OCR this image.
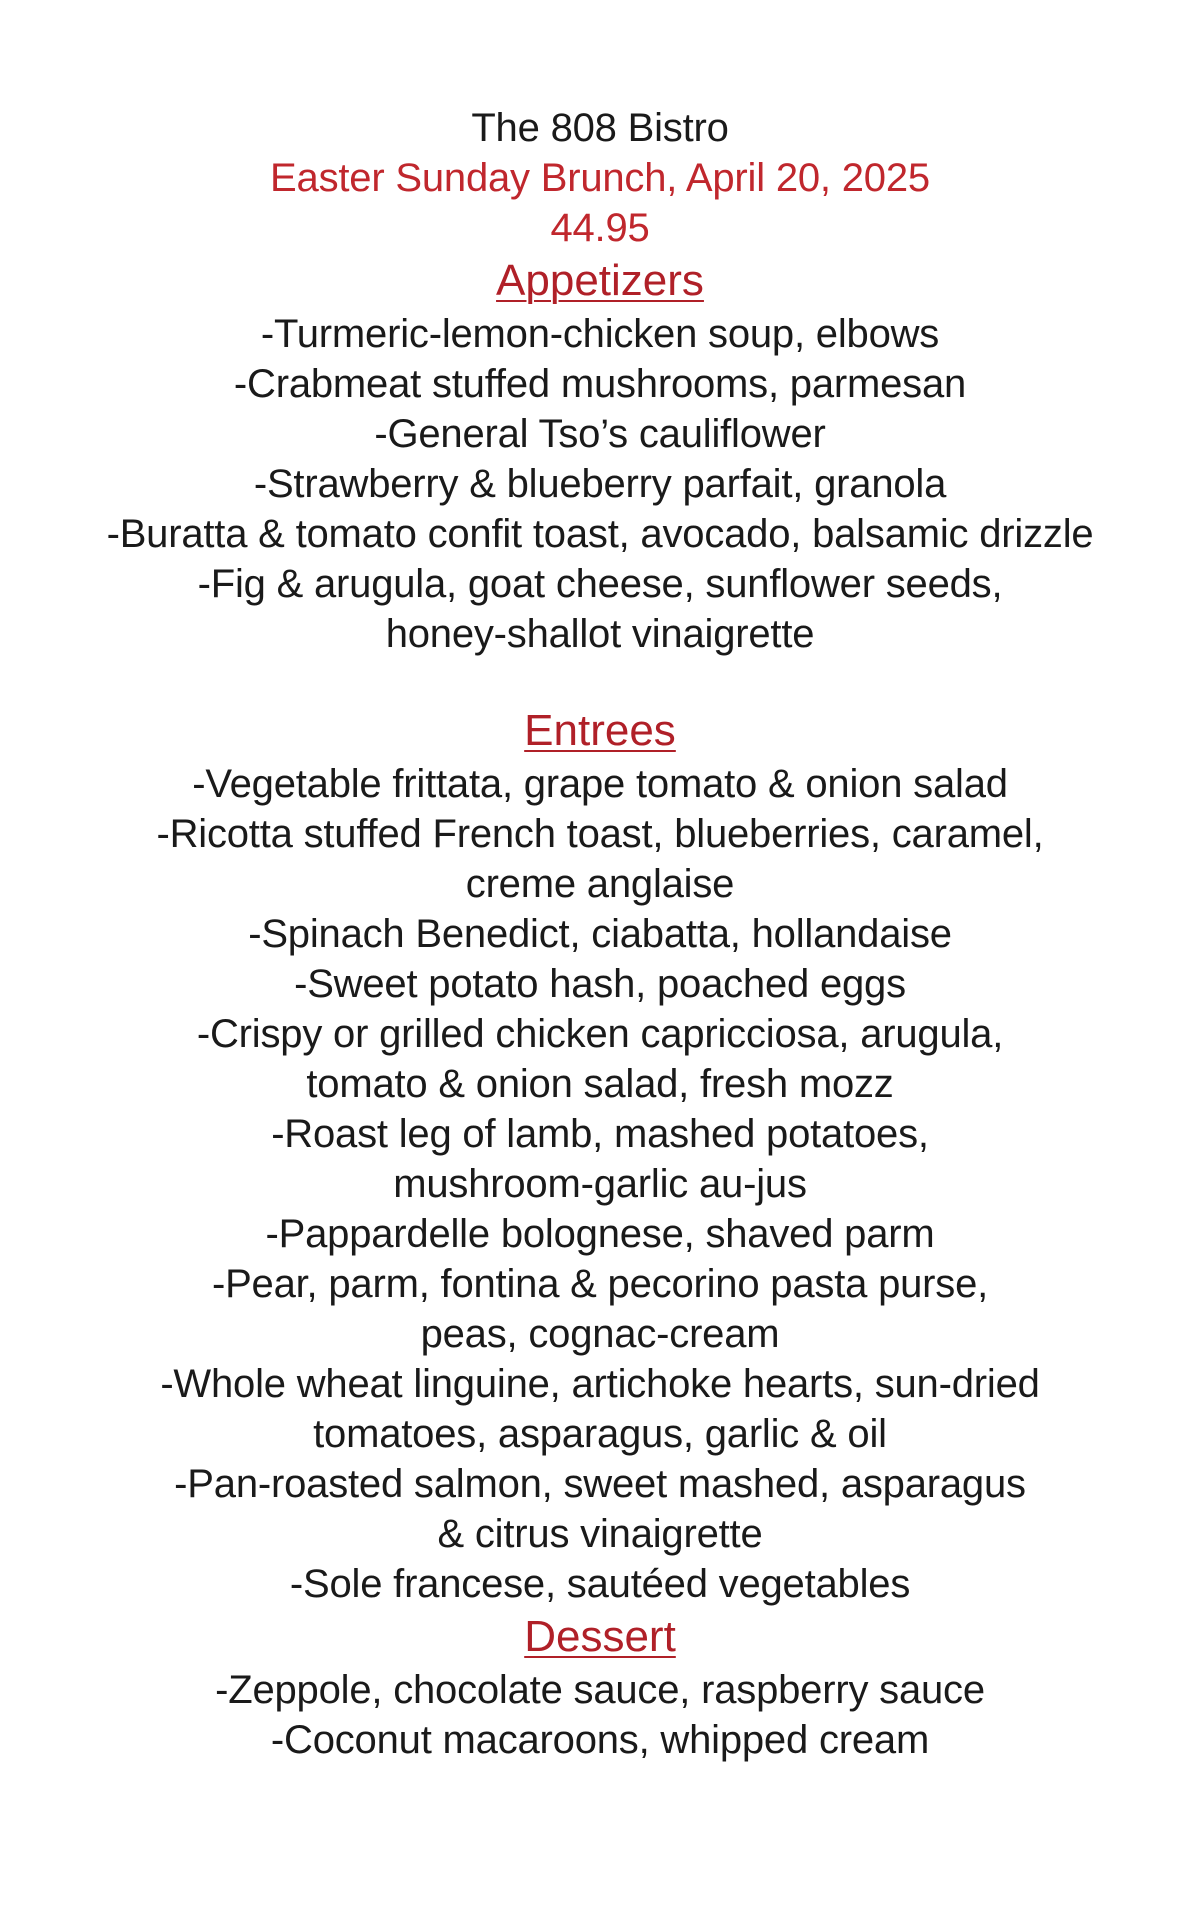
The 808 Bistro
Easter Sunday Brunch, April 20, 2025
44.95
Appetizers
-Turmeric-lemon-chicken soup, elbows
-Crabmeat stuffed mushrooms, parmesan
-General Tso’s cauliflower
-Strawberry & blueberry parfait, granola
-Buratta & tomato confit toast, avocado, balsamic drizzle
-Fig & arugula, goat cheese, sunflower seeds,
honey-shallot vinaigrette
Entrees
-Vegetable frittata, grape tomato & onion salad
-Ricotta stuffed French toast, blueberries, caramel,
creme anglaise
-Spinach Benedict, ciabatta, hollandaise
-Sweet potato hash, poached eggs
-Crispy or grilled chicken capricciosa, arugula,
tomato & onion salad, fresh mozz
-Roast leg of lamb, mashed potatoes,
mushroom-garlic au-jus
-Pappardelle bolognese, shaved parm
-Pear, parm, fontina & pecorino pasta purse,
peas, cognac-cream
-Whole wheat linguine, artichoke hearts, sun-dried
tomatoes, asparagus, garlic & oil
-Pan-roasted salmon, sweet mashed, asparagus
& citrus vinaigrette
-Sole francese, sautéed vegetables
Dessert
-Zeppole, chocolate sauce, raspberry sauce
-Coconut macaroons, whipped cream
